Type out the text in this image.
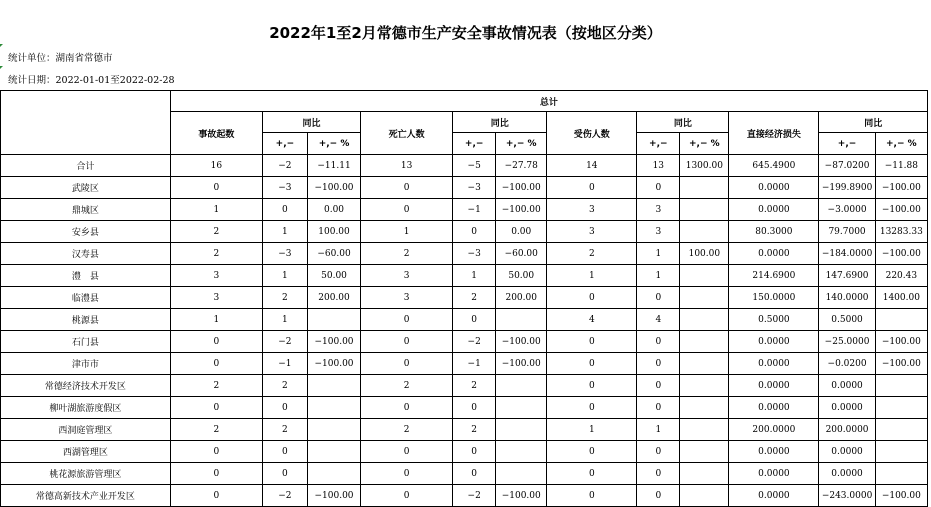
2022年1至2月常德市生产安全事故情况表（按地区分类）
统计单位：湖南省常德市
统计日期：2022-01-01至2022-02-28
	总计											
	事故起数	同比		死亡人数	同比		受伤人数	同比		直接经济损失	同比	
		+,−	+,− %		+,−	+,− %		+,−	+,− %		+,−	+,− %
合计	16	−2	−11.11	13	−5	−27.78	14	13	1300.00	645.4900	−87.0200	−11.88
武陵区	0	−3	−100.00	0	−3	−100.00	0	0		0.0000	−199.8900	−100.00
鼎城区	1	0	0.00	0	−1	−100.00	3	3		0.0000	−3.0000	−100.00
安乡县	2	1	100.00	1	0	0.00	3	3		80.3000	79.7000	13283.33
汉寿县	2	−3	−60.00	2	−3	−60.00	2	1	100.00	0.0000	−184.0000	−100.00
澧　县	3	1	50.00	3	1	50.00	1	1		214.6900	147.6900	220.43
临澧县	3	2	200.00	3	2	200.00	0	0		150.0000	140.0000	1400.00
桃源县	1	1		0	0		4	4		0.5000	0.5000	
石门县	0	−2	−100.00	0	−2	−100.00	0	0		0.0000	−25.0000	−100.00
津市市	0	−1	−100.00	0	−1	−100.00	0	0		0.0000	−0.0200	−100.00
常德经济技术开发区	2	2		2	2		0	0		0.0000	0.0000	
柳叶湖旅游度假区	0	0		0	0		0	0		0.0000	0.0000	
西洞庭管理区	2	2		2	2		1	1		200.0000	200.0000	
西湖管理区	0	0		0	0		0	0		0.0000	0.0000	
桃花源旅游管理区	0	0		0	0		0	0		0.0000	0.0000	
常德高新技术产业开发区	0	−2	−100.00	0	−2	−100.00	0	0		0.0000	−243.0000	−100.00
